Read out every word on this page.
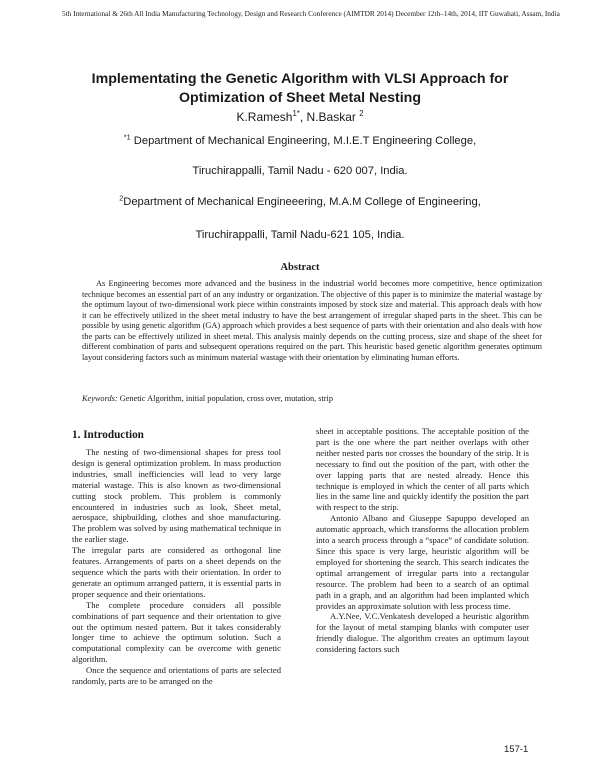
5th International & 26th All India Manufacturing Technology, Design and Research Conference (AIMTDR 2014) December 12th–14th, 2014, IIT Guwahati, Assam, India
Implementating the Genetic Algorithm with VLSI Approach for
Optimization of Sheet Metal Nesting
K.Ramesh$^{1*}$, N.Baskar $^2$
$^{*1}$ Department of Mechanical Engineering, M.I.E.T Engineering College,
Tiruchirappalli, Tamil Nadu - 620 007, India.
$^2$Department of Mechanical Engineeering, M.A.M College of Engineering,
Tiruchirappalli, Tamil Nadu-621 105, India.
Abstract

As Engineering becomes more advanced and the business in the industrial world becomes more competitive, hence optimization technique becomes an essential part of an any industry or organization. The objective of this paper is to minimize the material wastage by the optimum layout of two-dimensional work piece within constraints imposed by stock size and material. This approach deals with how it can be effectively utilized in the sheet metal industry to have the best arrangement of irregular shaped parts in the sheet. This can be possible by using genetic algorithm (GA) approach which provides a best sequence of parts with their orientation and also deals with how the parts can be effectively utilized in sheet metal. This analysis mainly depends on the cutting process, size and shape of the sheet for different combination of parts and subsequent operations required on the part. This heuristic based genetic algorithm generates optimum layout considering factors such as minimum material wastage with their orientation by eliminating human efforts.

Keywords: Genetic Algorithm, initial population, cross over, mutation, strip
1. Introduction

The nesting of two-dimensional shapes for press tool design is general optimization problem. In mass production industries, small inefficiencies will lead to very large material wastage. This is also known as two-dimensional cutting stock problem. This problem is commonly encountered in industries such as look, Sheet metal, aerospace, shipbuilding, clothes and shoe manufacturing. The problem was solved by using mathematical technique in the earlier stage.

The irregular parts are considered as orthogonal line features. Arrangements of parts on a sheet depends on the sequence which the parts with their orientation. In order to generate an optimum arranged pattern, it is essential parts in proper sequence and their orientations.

The complete procedure considers all possible combinations of part sequence and their orientation to give out the optimum nested pattern. But it takes considerably longer time to achieve the optimum solution. Such a computational complexity can be overcome with genetic algorithm.

Once the sequence and orientations of parts are selected randomly, parts are to be arranged on the

sheet in acceptable positions. The acceptable position of the part is the one where the part neither overlaps with other neither nested parts nor crosses the boundary of the strip. It is necessary to find out the position of the part, with other the over lapping parts that are nested already. Hence this technique is employed in which the center of all parts which lies in the same line and quickly identify the position the part with respect to the strip.

Antonio Albano and Giuseppe Sapuppo developed an automatic approach, which transforms the allocation problem into a search process through a “space” of candidate solution. Since this space is very large, heuristic algorithm will be employed for shortening the search. This search indicates the optimal arrangement of irregular parts into a rectangular resource. The problem had been to a search of an optimal path in a graph, and an algorithm had been implanted which provides an approximate solution with less process time.

A.Y.Nee, V.C.Venkatesh developed a heuristic algorithm for the layout of metal stamping blanks with computer user friendly dialogue. The algorithm creates an optimum layout considering factors such

157-1
